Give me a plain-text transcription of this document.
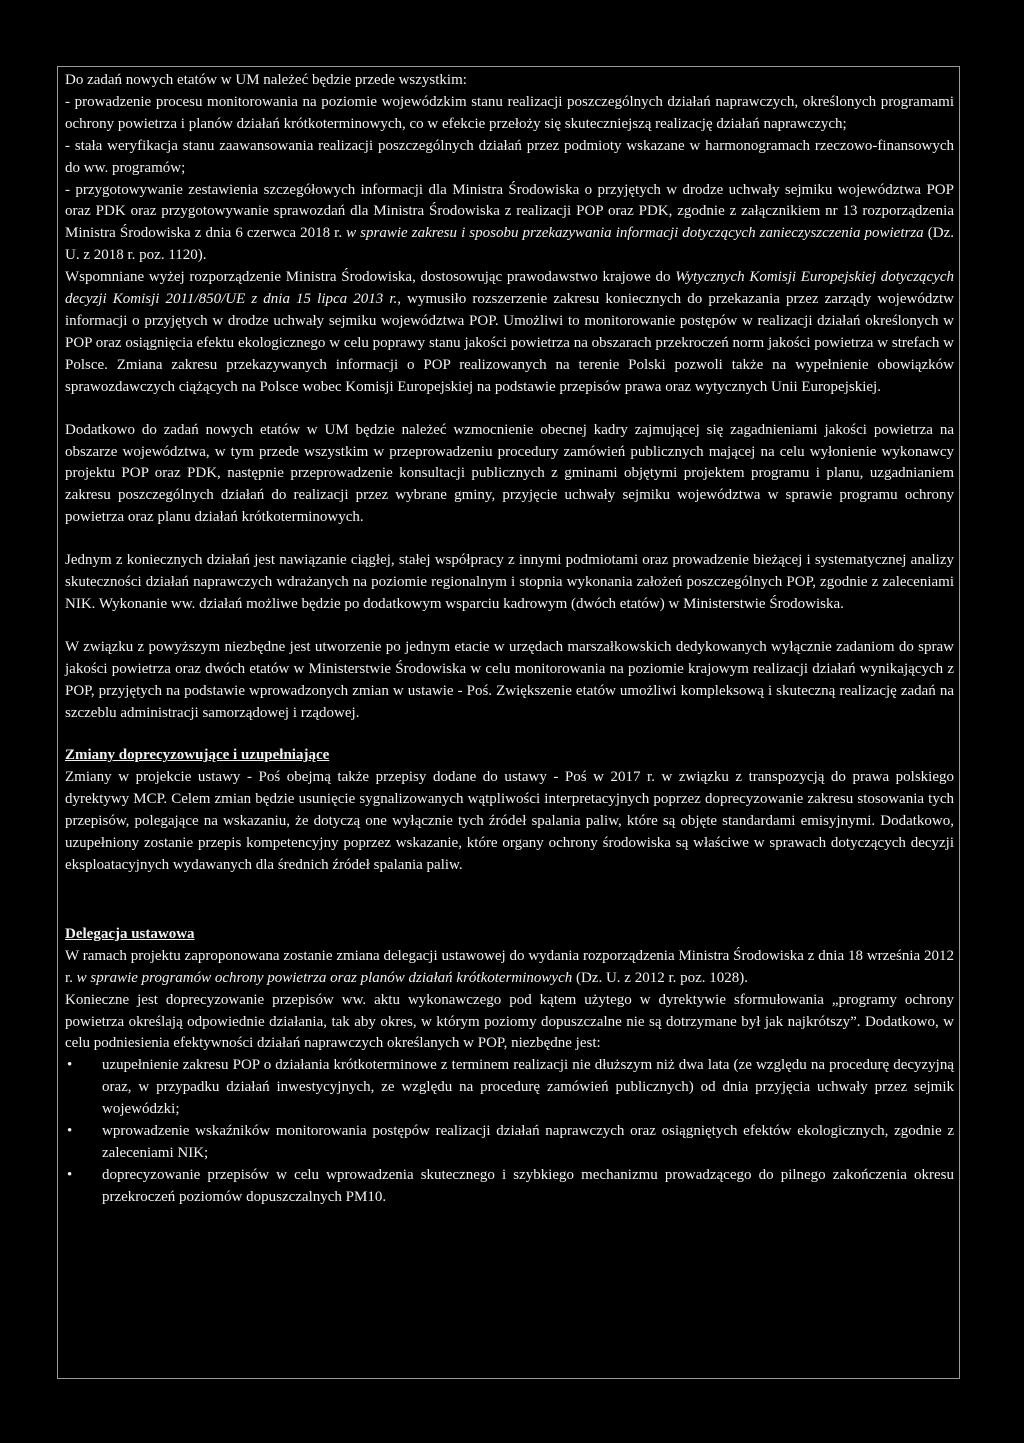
Do zadań nowych etatów w UM należeć będzie przede wszystkim:

- prowadzenie procesu monitorowania na poziomie wojewódzkim stanu realizacji poszczególnych działań naprawczych, określonych programami ochrony powietrza i planów działań krótkoterminowych, co w efekcie przełoży się skuteczniejszą realizację działań naprawczych;

- stała weryfikacja stanu zaawansowania realizacji poszczególnych działań przez podmioty wskazane w harmonogramach rzeczowo-finansowych do ww. programów;

- przygotowywanie zestawienia szczegółowych informacji dla Ministra Środowiska o przyjętych w drodze uchwały sejmiku województwa POP oraz PDK oraz przygotowywanie sprawozdań dla Ministra Środowiska z realizacji POP oraz PDK, zgodnie z załącznikiem nr 13 rozporządzenia Ministra Środowiska z dnia 6 czerwca 2018 r. w sprawie zakresu i sposobu przekazywania informacji dotyczących zanieczyszczenia powietrza (Dz. U. z 2018 r. poz. 1120).

Wspomniane wyżej rozporządzenie Ministra Środowiska, dostosowując prawodawstwo krajowe do Wytycznych Komisji Europejskiej dotyczących decyzji Komisji 2011/850/UE z dnia 15 lipca 2013 r., wymusiło rozszerzenie zakresu koniecznych do przekazania przez zarządy województw informacji o przyjętych w drodze uchwały sejmiku województwa POP. Umożliwi to monitorowanie postępów w realizacji działań określonych w POP oraz osiągnięcia efektu ekologicznego w celu poprawy stanu jakości powietrza na obszarach przekroczeń norm jakości powietrza w strefach w Polsce. Zmiana zakresu przekazywanych informacji o POP realizowanych na terenie Polski pozwoli także na wypełnienie obowiązków sprawozdawczych ciążących na Polsce wobec Komisji Europejskiej na podstawie przepisów prawa oraz wytycznych Unii Europejskiej.

Dodatkowo do zadań nowych etatów w UM będzie należeć wzmocnienie obecnej kadry zajmującej się zagadnieniami jakości powietrza na obszarze województwa, w tym przede wszystkim w przeprowadzeniu procedury zamówień publicznych mającej na celu wyłonienie wykonawcy projektu POP oraz PDK, następnie przeprowadzenie konsultacji publicznych z gminami objętymi projektem programu i planu, uzgadnianiem zakresu poszczególnych działań do realizacji przez wybrane gminy, przyjęcie uchwały sejmiku województwa w sprawie programu ochrony powietrza oraz planu działań krótkoterminowych.

Jednym z koniecznych działań jest nawiązanie ciągłej, stałej współpracy z innymi podmiotami oraz prowadzenie bieżącej i systematycznej analizy skuteczności działań naprawczych wdrażanych na poziomie regionalnym i stopnia wykonania założeń poszczególnych POP, zgodnie z zaleceniami NIK. Wykonanie ww. działań możliwe będzie po dodatkowym wsparciu kadrowym (dwóch etatów) w Ministerstwie Środowiska.

W związku z powyższym niezbędne jest utworzenie po jednym etacie w urzędach marszałkowskich dedykowanych wyłącznie zadaniom do spraw jakości powietrza oraz dwóch etatów w Ministerstwie Środowiska w celu monitorowania na poziomie krajowym realizacji działań wynikających z POP, przyjętych na podstawie wprowadzonych zmian w ustawie - Poś. Zwiększenie etatów umożliwi kompleksową i skuteczną realizację zadań na szczeblu administracji samorządowej i rządowej.

Zmiany doprecyzowujące i uzupełniające

Zmiany w projekcie ustawy - Poś obejmą także przepisy dodane do ustawy - Poś w 2017 r. w związku z transpozycją do prawa polskiego dyrektywy MCP. Celem zmian będzie usunięcie sygnalizowanych wątpliwości interpretacyjnych poprzez doprecyzowanie zakresu stosowania tych przepisów, polegające na wskazaniu, że dotyczą one wyłącznie tych źródeł spalania paliw, które są objęte standardami emisyjnymi. Dodatkowo, uzupełniony zostanie przepis kompetencyjny poprzez wskazanie, które organy ochrony środowiska są właściwe w sprawach dotyczących decyzji eksploatacyjnych wydawanych dla średnich źródeł spalania paliw.

Delegacja ustawowa

W ramach projektu zaproponowana zostanie zmiana delegacji ustawowej do wydania rozporządzenia Ministra Środowiska z dnia 18 września 2012 r. w sprawie programów ochrony powietrza oraz planów działań krótkoterminowych (Dz. U. z 2012 r. poz. 1028).

Konieczne jest doprecyzowanie przepisów ww. aktu wykonawczego pod kątem użytego w dyrektywie sformułowania „programy ochrony powietrza określają odpowiednie działania, tak aby okres, w którym poziomy dopuszczalne nie są dotrzymane był jak najkrótszy”. Dodatkowo, w celu podniesienia efektywności działań naprawczych określanych w POP, niezbędne jest:

• uzupełnienie zakresu POP o działania krótkoterminowe z terminem realizacji nie dłuższym niż dwa lata (ze względu na procedurę decyzyjną oraz, w przypadku działań inwestycyjnych, ze względu na procedurę zamówień publicznych) od dnia przyjęcia uchwały przez sejmik wojewódzki;
• wprowadzenie wskaźników monitorowania postępów realizacji działań naprawczych oraz osiągniętych efektów ekologicznych, zgodnie z zaleceniami NIK;
• doprecyzowanie przepisów w celu wprowadzenia skutecznego i szybkiego mechanizmu prowadzącego do pilnego zakończenia okresu przekroczeń poziomów dopuszczalnych PM10.
